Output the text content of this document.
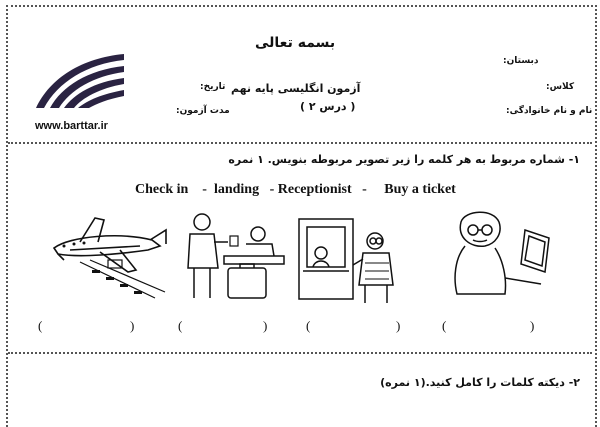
بسمه تعالی
www.barttar.ir
دبستان:
آزمون انگلیسی پایه نهم	کلاس:
تاریخ:
( درس ۲ )	نام و نام خانوادگی:
مدت آزمون:
۱- شماره مربوط به هر کلمه را زیر تصویر مربوطه بنویس. ۱ نمره
Check in    -  landing   - Receptionist   -     Buy a ticket
(	)	(	)	(	)	(	)
۲- دیکته کلمات را کامل کنید.(۱ نمره)
